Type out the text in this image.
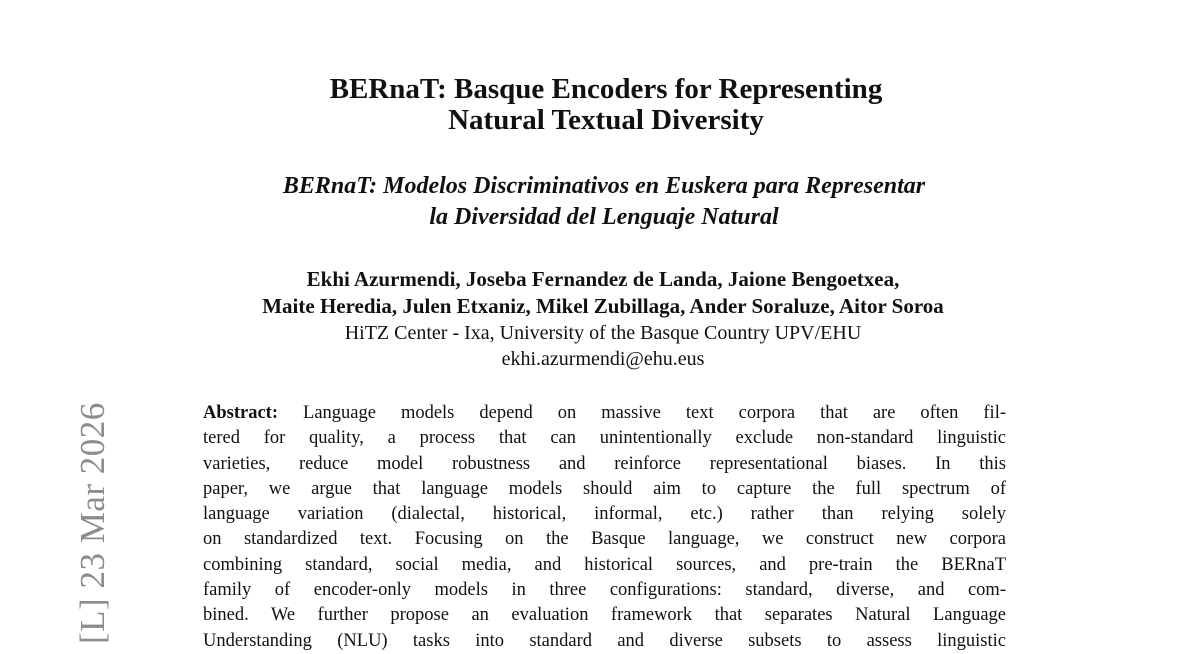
[L] 23 Mar 2026
BERnaT: Basque Encoders for Representing
Natural Textual Diversity
BERnaT: Modelos Discriminativos en Euskera para Representar
la Diversidad del Lenguaje Natural
Ekhi Azurmendi, Joseba Fernandez de Landa, Jaione Bengoetxea,
Maite Heredia, Julen Etxaniz, Mikel Zubillaga, Ander Soraluze, Aitor Soroa
HiTZ Center - Ixa, University of the Basque Country UPV/EHU
ekhi.azurmendi@ehu.eus
Abstract: Language models depend on massive text corpora that are often fil-
tered for quality, a process that can unintentionally exclude non-standard linguistic
varieties, reduce model robustness and reinforce representational biases. In this
paper, we argue that language models should aim to capture the full spectrum of
language variation (dialectal, historical, informal, etc.) rather than relying solely
on standardized text. Focusing on the Basque language, we construct new corpora
combining standard, social media, and historical sources, and pre-train the BERnaT
family of encoder-only models in three configurations: standard, diverse, and com-
bined. We further propose an evaluation framework that separates Natural Language
Understanding (NLU) tasks into standard and diverse subsets to assess linguistic
